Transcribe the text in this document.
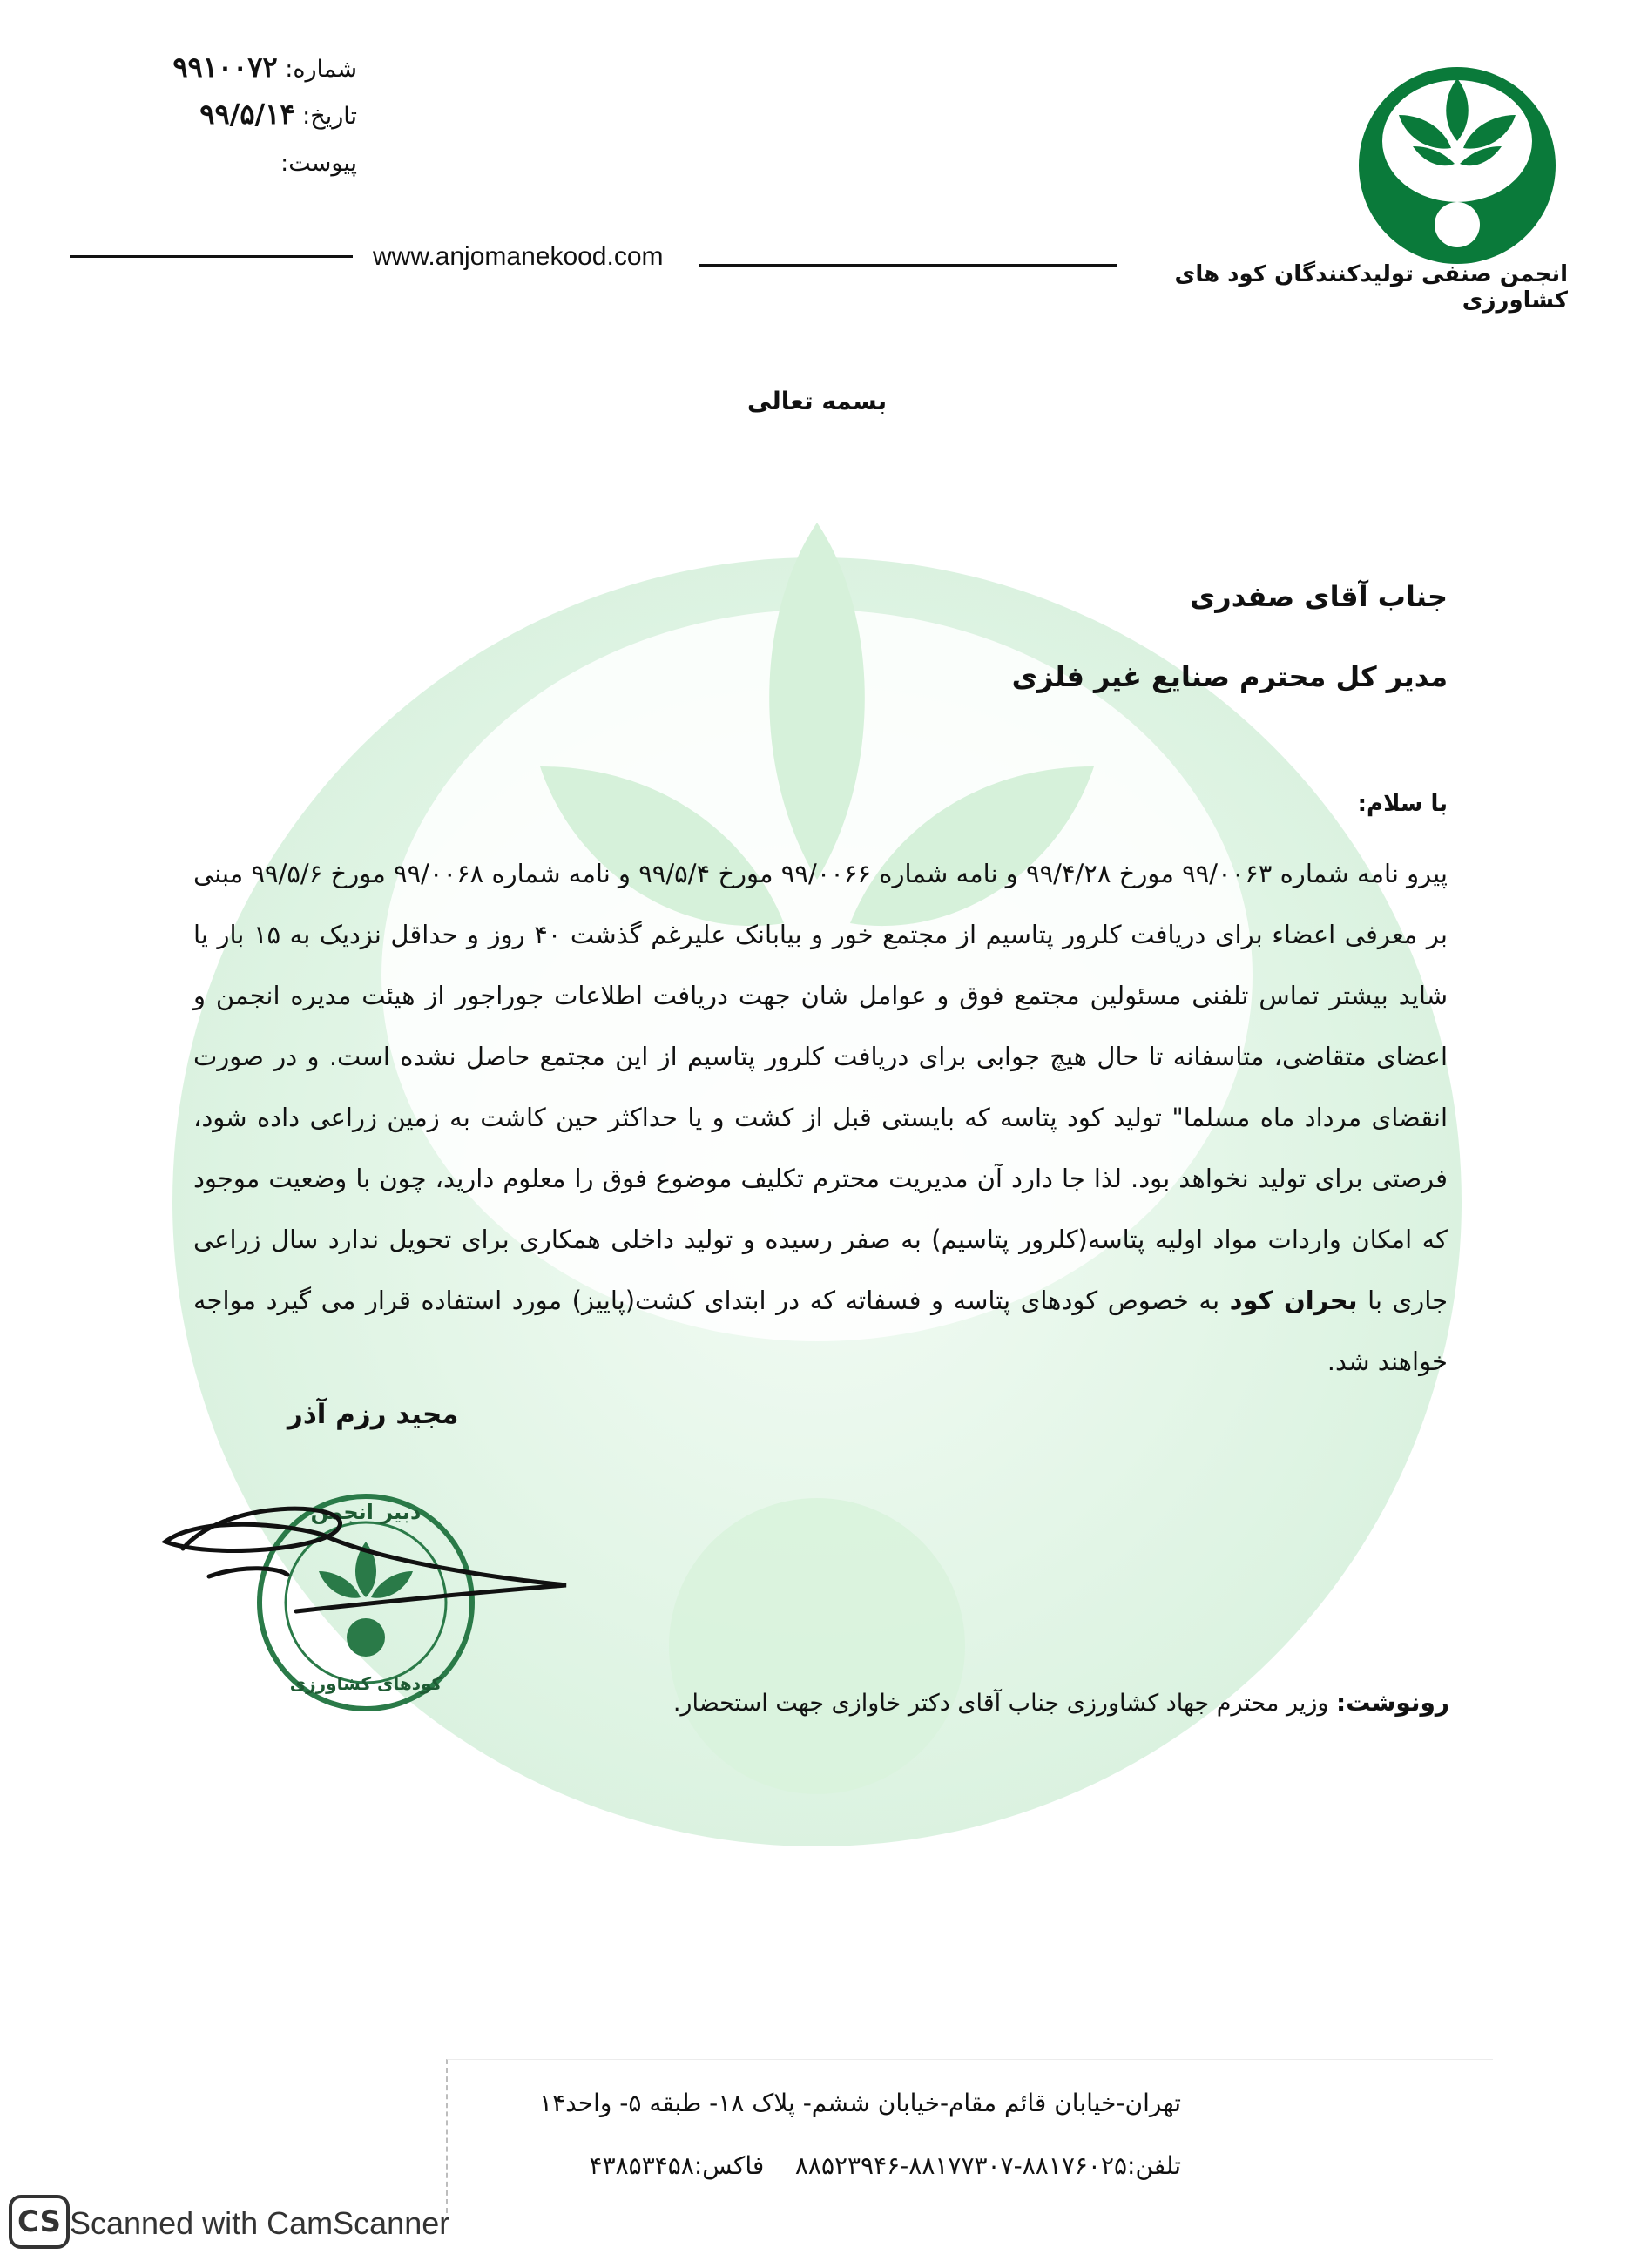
انجمن صنفی تولیدکنندگان کود های کشاورزی
www.anjomanekood.com
شماره: ۹۹۱۰۰۷۲
تاریخ: ۹۹/۵/۱۴
پیوست:
بسمه تعالی
جناب آقای صفدری
مدیر کل محترم صنایع غیر فلزی
با سلام:
پیرو نامه شماره ۹۹/۰۰۶۳ مورخ ۹۹/۴/۲۸ و نامه شماره ۹۹/۰۰۶۶ مورخ ۹۹/۵/۴ و نامه شماره ۹۹/۰۰۶۸ مورخ ۹۹/۵/۶ مبنی بر معرفی اعضاء برای دریافت کلرور پتاسیم از مجتمع خور و بیابانک علیرغم گذشت ۴۰ روز و حداقل نزدیک به ۱۵ بار یا شاید بیشتر تماس تلفنی مسئولین مجتمع فوق و عوامل شان جهت دریافت اطلاعات جوراجور از هیئت مدیره انجمن و اعضای متقاضی، متاسفانه تا حال هیچ جوابی برای دریافت کلرور پتاسیم از این مجتمع حاصل نشده است. و در صورت انقضای مرداد ماه مسلما" تولید کود پتاسه که بایستی قبل از کشت و یا حداکثر حین کاشت به زمین زراعی داده شود، فرصتی برای تولید نخواهد بود. لذا جا دارد آن مدیریت محترم تکلیف موضوع فوق را معلوم دارید، چون با وضعیت موجود که امکان واردات مواد اولیه پتاسه(کلرور پتاسیم) به صفر رسیده و تولید داخلی همکاری برای تحویل ندارد سال زراعی جاری با بحران کود به خصوص کودهای پتاسه و فسفاته که در ابتدای کشت(پاییز) مورد استفاده قرار می گیرد مواجه خواهند شد.
مجید رزم آذر
دبیر انجمن
کودهای کشاورزی
رونوشت: وزیر محترم جهاد کشاورزی جناب آقای دکتر خاوازی جهت استحضار.
تهران-خیابان قائم مقام-خیابان ششم- پلاک ۱۸- طبقه ۵- واحد۱۴
تلفن:۸۸۱۷۶۰۲۵-۸۸۱۷۷۳۰۷-۸۸۵۲۳۹۴۶    فاکس:۴۳۸۵۳۴۵۸
CS Scanned with CamScanner
